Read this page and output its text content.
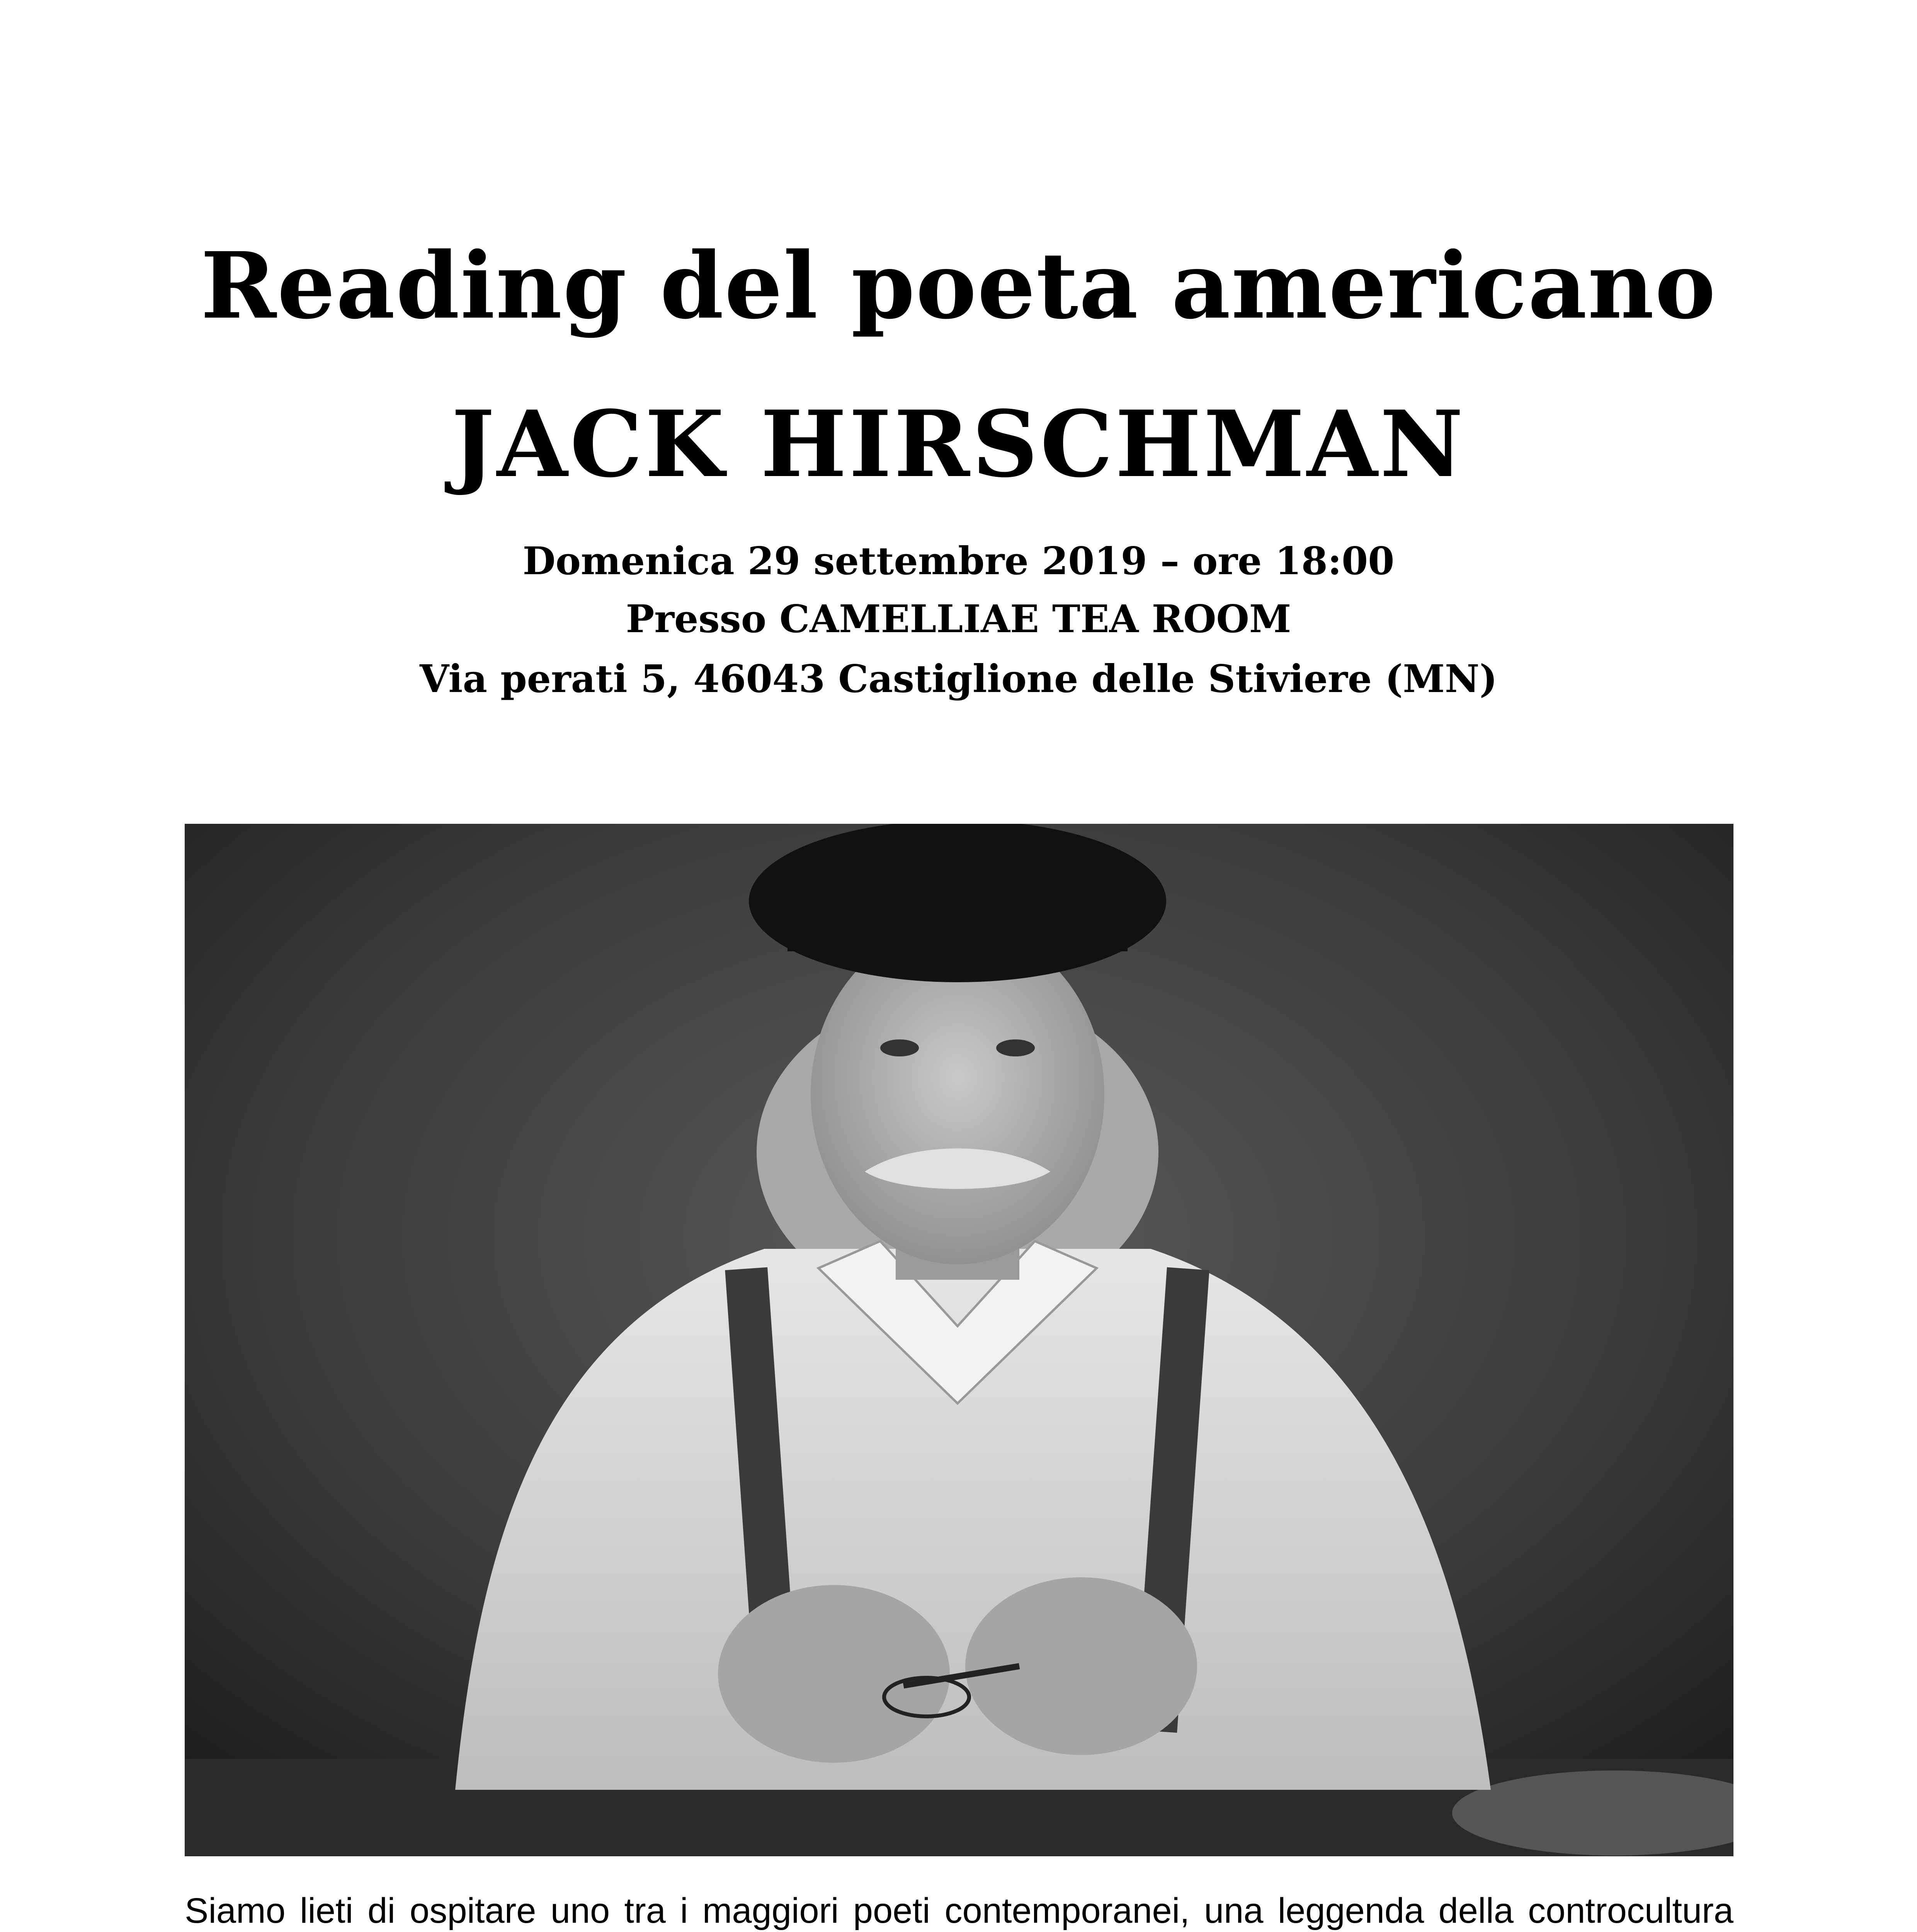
Reading del poeta americano
JACK HIRSCHMAN
Domenica 29 settembre 2019 – ore 18:00
Presso CAMELLIAE TEA ROOM
Via perati 5, 46043 Castiglione delle Stiviere (MN)
Siamo lieti di ospitare uno tra i maggiori poeti contemporanei, una leggenda della controcultura
